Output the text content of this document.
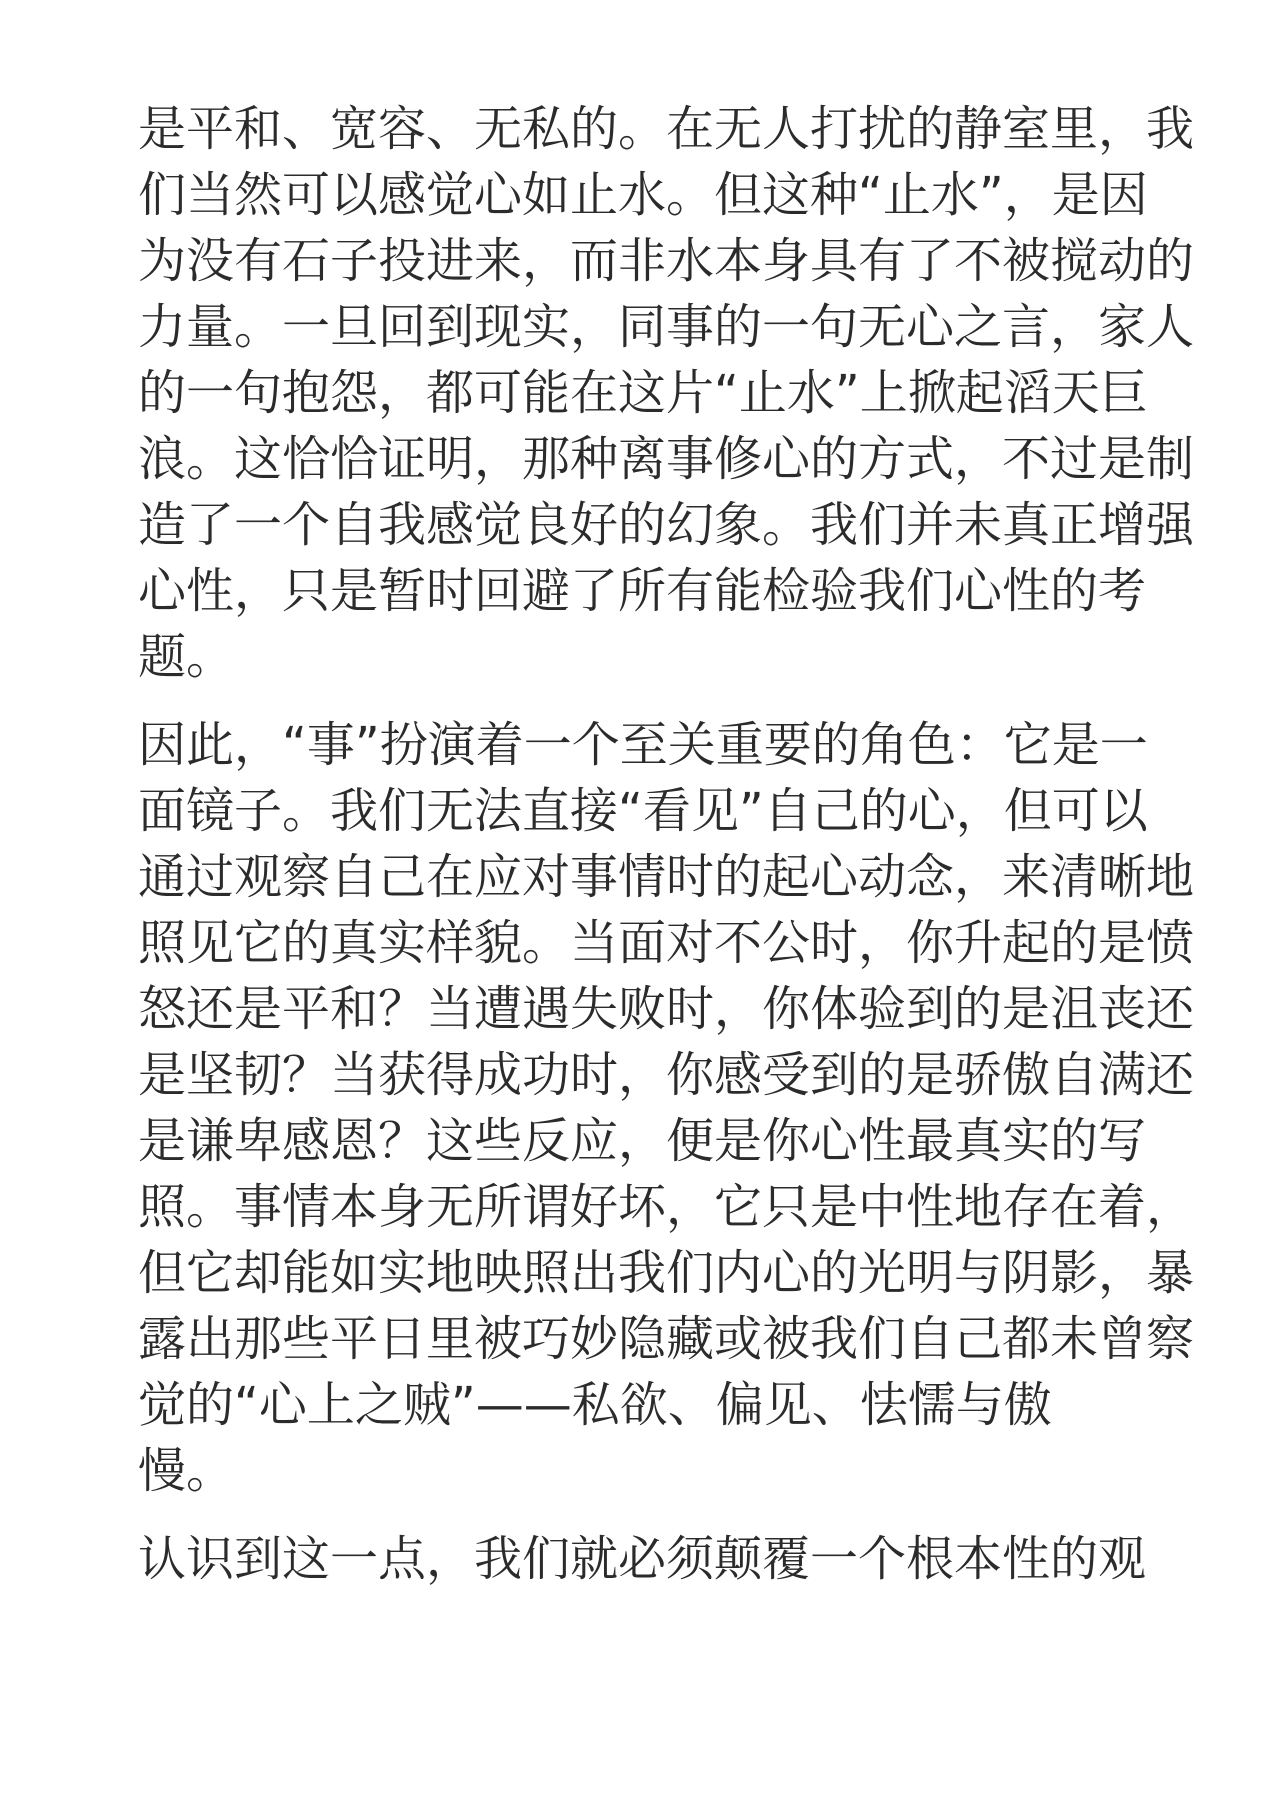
是平和、宽容、无私的。在无人打扰的静室里，我
们当然可以感觉心如止水。但这种“止水”，是因
为没有石子投进来，而非水本身具有了不被搅动的
力量。一旦回到现实，同事的一句无心之言，家人
的一句抱怨，都可能在这片“止水”上掀起滔天巨
浪。这恰恰证明，那种离事修心的方式，不过是制
造了一个自我感觉良好的幻象。我们并未真正增强
心性，只是暂时回避了所有能检验我们心性的考
题。

因此，“事”扮演着一个至关重要的角色：它是一
面镜子。我们无法直接“看见”自己的心，但可以
通过观察自己在应对事情时的起心动念，来清晰地
照见它的真实样貌。当面对不公时，你升起的是愤
怒还是平和？当遭遇失败时，你体验到的是沮丧还
是坚韧？当获得成功时，你感受到的是骄傲自满还
是谦卑感恩？这些反应，便是你心性最真实的写
照。事情本身无所谓好坏，它只是中性地存在着，
但它却能如实地映照出我们内心的光明与阴影，暴
露出那些平日里被巧妙隐藏或被我们自己都未曾察
觉的“心上之贼”——私欲、偏见、怯懦与傲
慢。

认识到这一点，我们就必须颠覆一个根本性的观
